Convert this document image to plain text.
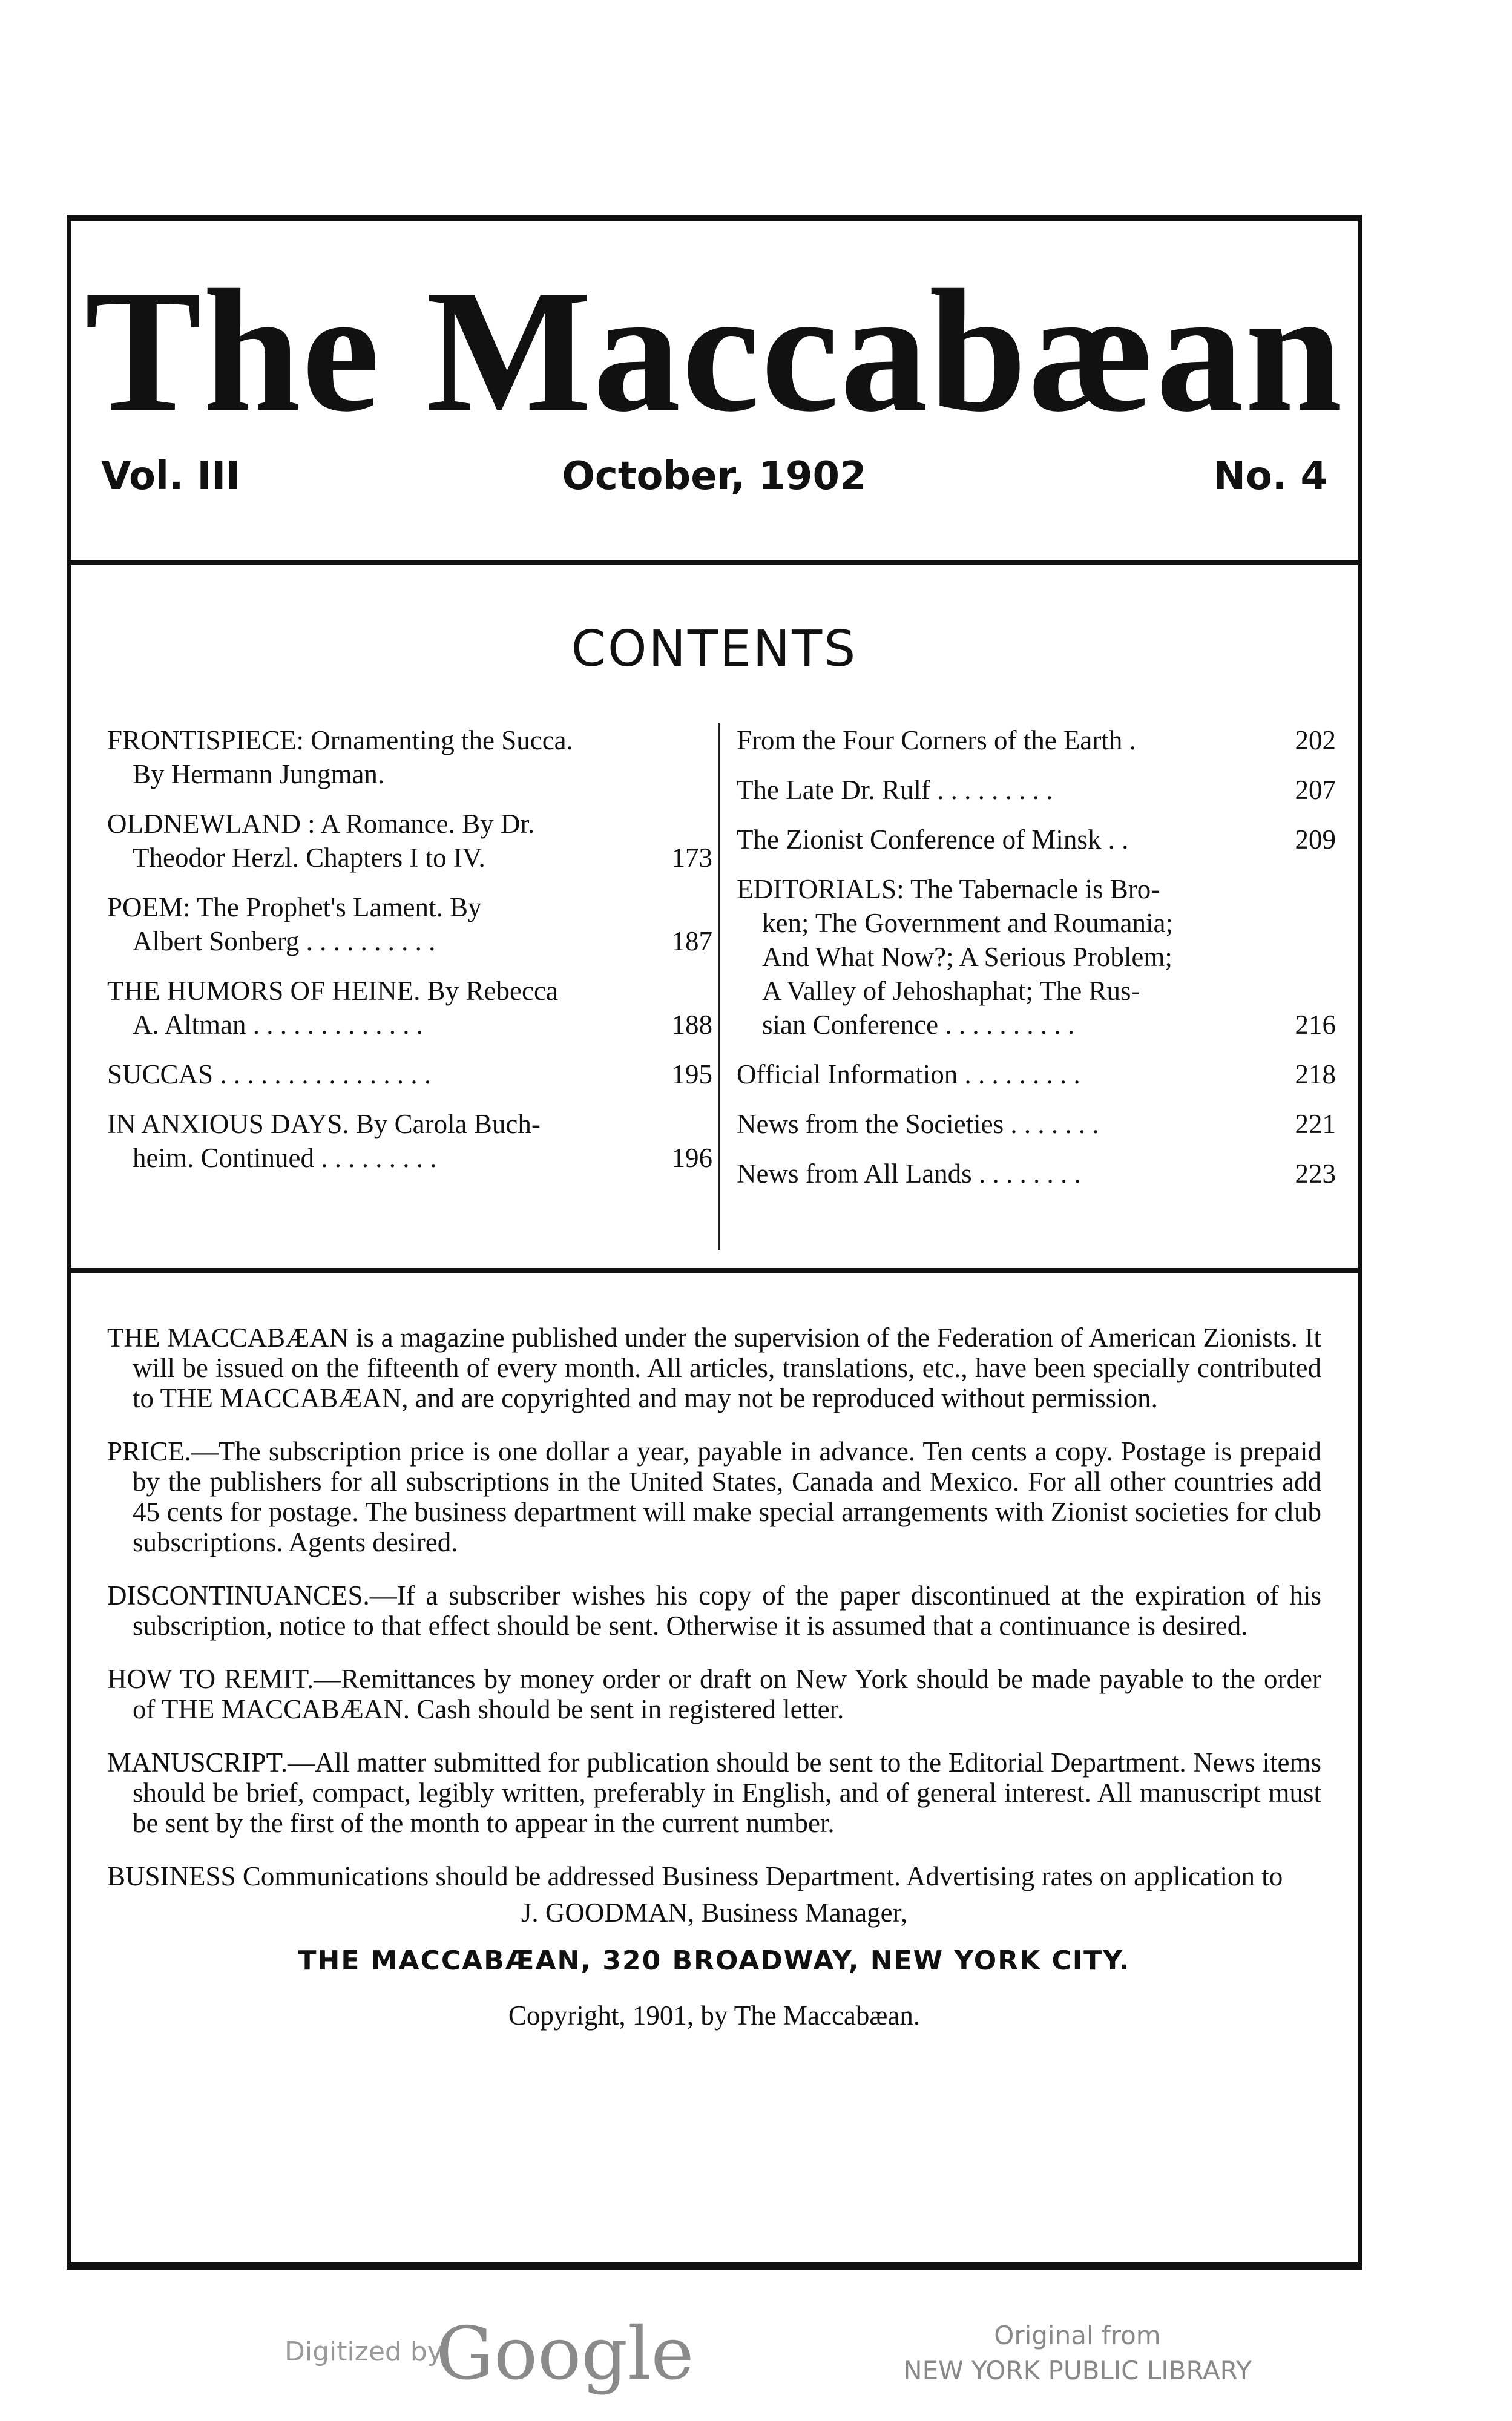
The Maccabæan
Vol. III	October, 1902	No. 4
CONTENTS
FRONTISPIECE: Ornamenting the Succa.
By Hermann Jungman.
OLDNEWLAND : A Romance. By Dr.
Theodor Herzl. Chapters I to IV.	173
POEM: The Prophet's Lament. By
Albert Sonberg . . . . . . . . . .	187
THE HUMORS OF HEINE. By Rebecca
A. Altman . . . . . . . . . . . . .	188
SUCCAS . . . . . . . . . . . . . . . .	195
IN ANXIOUS DAYS. By Carola Buch-
heim. Continued . . . . . . . . .	196
From the Four Corners of the Earth .	202
The Late Dr. Rulf . . . . . . . . .	207
The Zionist Conference of Minsk . .	209
EDITORIALS: The Tabernacle is Bro-
ken; The Government and Roumania;
And What Now?; A Serious Problem;
A Valley of Jehoshaphat; The Rus-
sian Conference . . . . . . . . . .	216
Official Information . . . . . . . . .	218
News from the Societies . . . . . . .	221
News from All Lands . . . . . . . .	223

THE MACCABÆAN is a magazine published under the supervision of the Federation of American Zionists. It will be issued on the fifteenth of every month. All articles, translations, etc., have been specially contributed to THE MACCABÆAN, and are copyrighted and may not be reproduced without permission.

PRICE.—The subscription price is one dollar a year, payable in advance. Ten cents a copy. Postage is prepaid by the publishers for all subscriptions in the United States, Canada and Mexico. For all other countries add 45 cents for postage. The business department will make special arrangements with Zionist societies for club subscriptions. Agents desired.

DISCONTINUANCES.—If a subscriber wishes his copy of the paper discontinued at the expiration of his subscription, notice to that effect should be sent. Otherwise it is assumed that a continuance is desired.

HOW TO REMIT.—Remittances by money order or draft on New York should be made payable to the order of THE MACCABÆAN. Cash should be sent in registered letter.

MANUSCRIPT.—All matter submitted for publication should be sent to the Editorial Department. News items should be brief, compact, legibly written, preferably in English, and of general interest. All manuscript must be sent by the first of the month to appear in the current number.

BUSINESS Communications should be addressed Business Department. Advertising rates on application to

J. GOODMAN, Business Manager,

THE MACCABÆAN, 320 BROADWAY, NEW YORK CITY.

Copyright, 1901, by The Maccabæan.

Digitized by
Google	Original from
NEW YORK PUBLIC LIBRARY
